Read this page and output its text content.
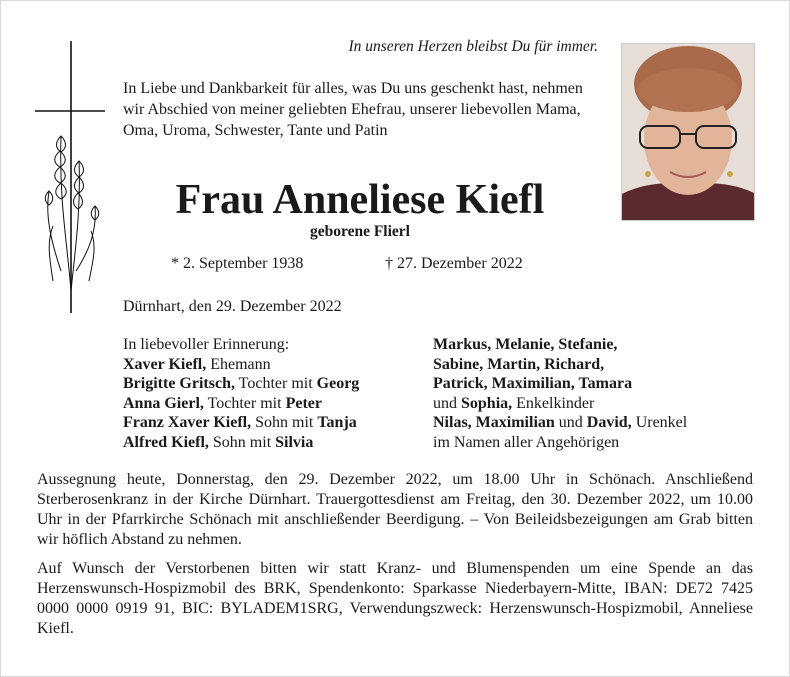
In unseren Herzen bleibst Du für immer.
In Liebe und Dankbarkeit für alles, was Du uns geschenkt hast, nehmen wir Abschied von meiner geliebten Ehefrau, unserer liebevollen Mama, Oma, Uroma, Schwester, Tante und Patin
Frau Anneliese Kiefl
geborene Flierl
* 2. September 1938	† 27. Dezember 2022
Dürnhart, den 29. Dezember 2022
In liebevoller Erinnerung:
Xaver Kiefl, Ehemann
Brigitte Gritsch, Tochter mit Georg
Anna Gierl, Tochter mit Peter
Franz Xaver Kiefl, Sohn mit Tanja
Alfred Kiefl, Sohn mit Silvia
Markus, Melanie, Stefanie,
Sabine, Martin, Richard,
Patrick, Maximilian, Tamara
und Sophia, Enkelkinder
Nilas, Maximilian und David, Urenkel
im Namen aller Angehörigen
Aussegnung heute, Donnerstag, den 29. Dezember 2022, um 18.00 Uhr in Schönach. Anschließend Sterberosenkranz in der Kirche Dürnhart. Trauergottesdienst am Freitag, den 30. Dezember 2022, um 10.00 Uhr in der Pfarrkirche Schönach mit anschließender Beerdigung. – Von Beileidsbezeigungen am Grab bitten wir höflich Abstand zu nehmen.
Auf Wunsch der Verstorbenen bitten wir statt Kranz- und Blumenspenden um eine Spende an das Herzenswunsch-Hospizmobil des BRK, Spendenkonto: Sparkasse Niederbayern-Mitte, IBAN: DE72 7425 0000 0000 0919 91, BIC: BYLADEM1SRG, Verwendungszweck: Herzenswunsch-Hospizmobil, Anneliese Kiefl.
